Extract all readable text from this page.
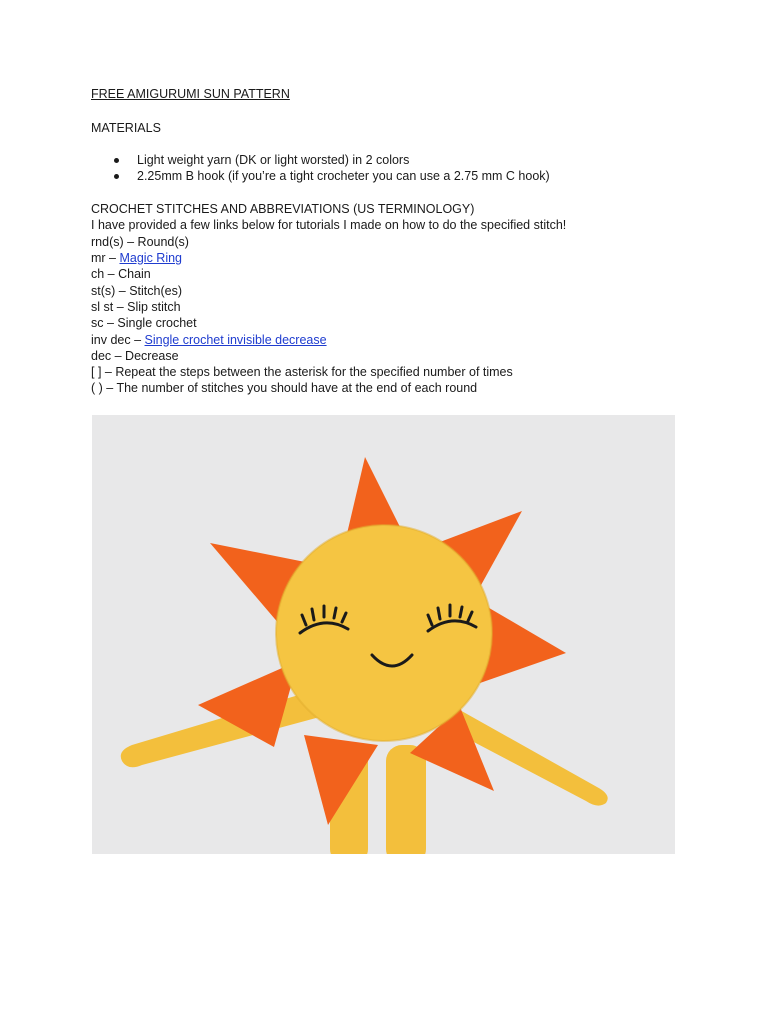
FREE AMIGURUMI SUN PATTERN
MATERIALS
Light weight yarn (DK or light worsted) in 2 colors
2.25mm B hook (if you’re a tight crocheter you can use a 2.75 mm C hook)
CROCHET STITCHES AND ABBREVIATIONS (US TERMINOLOGY)
I have provided a few links below for tutorials I made on how to do the specified stitch!
rnd(s) – Round(s)
mr – Magic Ring
ch – Chain
st(s) – Stitch(es)
sl st – Slip stitch
sc – Single crochet
inv dec – Single crochet invisible decrease
dec – Decrease
[ ] – Repeat the steps between the asterisk for the specified number of times
( ) – The number of stitches you should have at the end of each round
